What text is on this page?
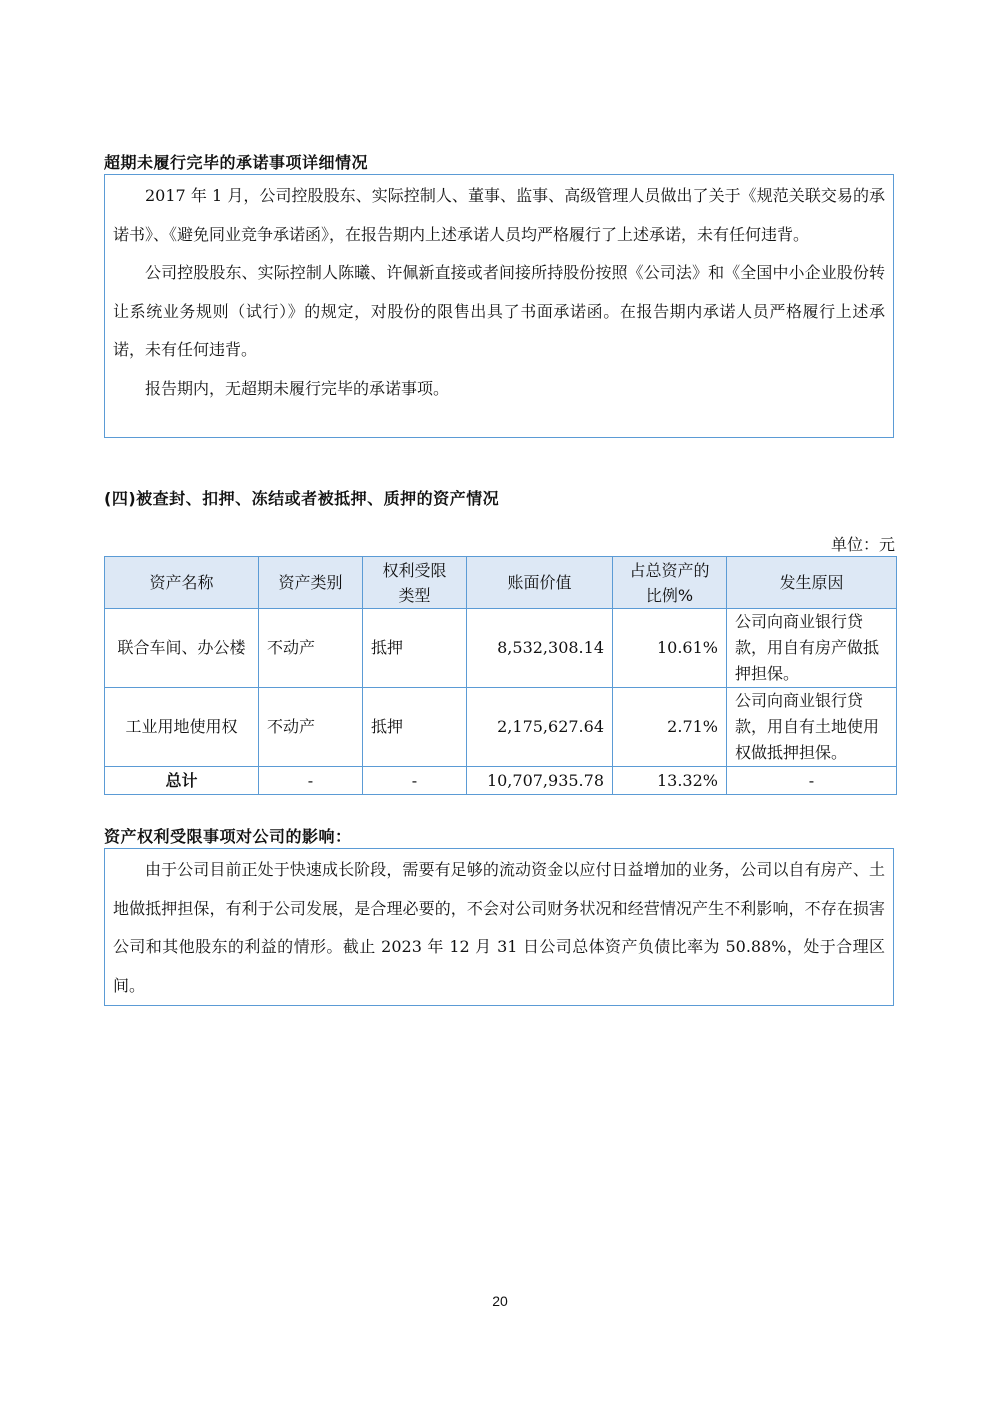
超期未履行完毕的承诺事项详细情况

2017 年 1 月，公司控股股东、实际控制人、董事、监事、高级管理人员做出了关于《规范关联交易的承诺书》、《避免同业竞争承诺函》，在报告期内上述承诺人员均严格履行了上述承诺，未有任何违背。

公司控股股东、实际控制人陈曦、许佩新直接或者间接所持股份按照《公司法》和《全国中小企业股份转让系统业务规则（试行）》的规定，对股份的限售出具了书面承诺函。在报告期内承诺人员严格履行上述承诺，未有任何违背。

报告期内，无超期未履行完毕的承诺事项。

(四)被查封、扣押、冻结或者被抵押、质押的资产情况
单位：元
资产名称	资产类别	权利受限类型	账面价值	占总资产的比例%	发生原因
联合车间、办公楼	不动产	抵押	8,532,308.14	10.61%	公司向商业银行贷款，用自有房产做抵押担保。
工业用地使用权	不动产	抵押	2,175,627.64	2.71%	公司向商业银行贷款，用自有土地使用权做抵押担保。
总计	-	-	10,707,935.78	13.32%	-
资产权利受限事项对公司的影响：

由于公司目前正处于快速成长阶段，需要有足够的流动资金以应付日益增加的业务，公司以自有房产、土地做抵押担保，有利于公司发展，是合理必要的，不会对公司财务状况和经营情况产生不利影响，不存在损害公司和其他股东的利益的情形。截止 2023 年 12 月 31 日公司总体资产负债比率为 50.88%，处于合理区间。

20
